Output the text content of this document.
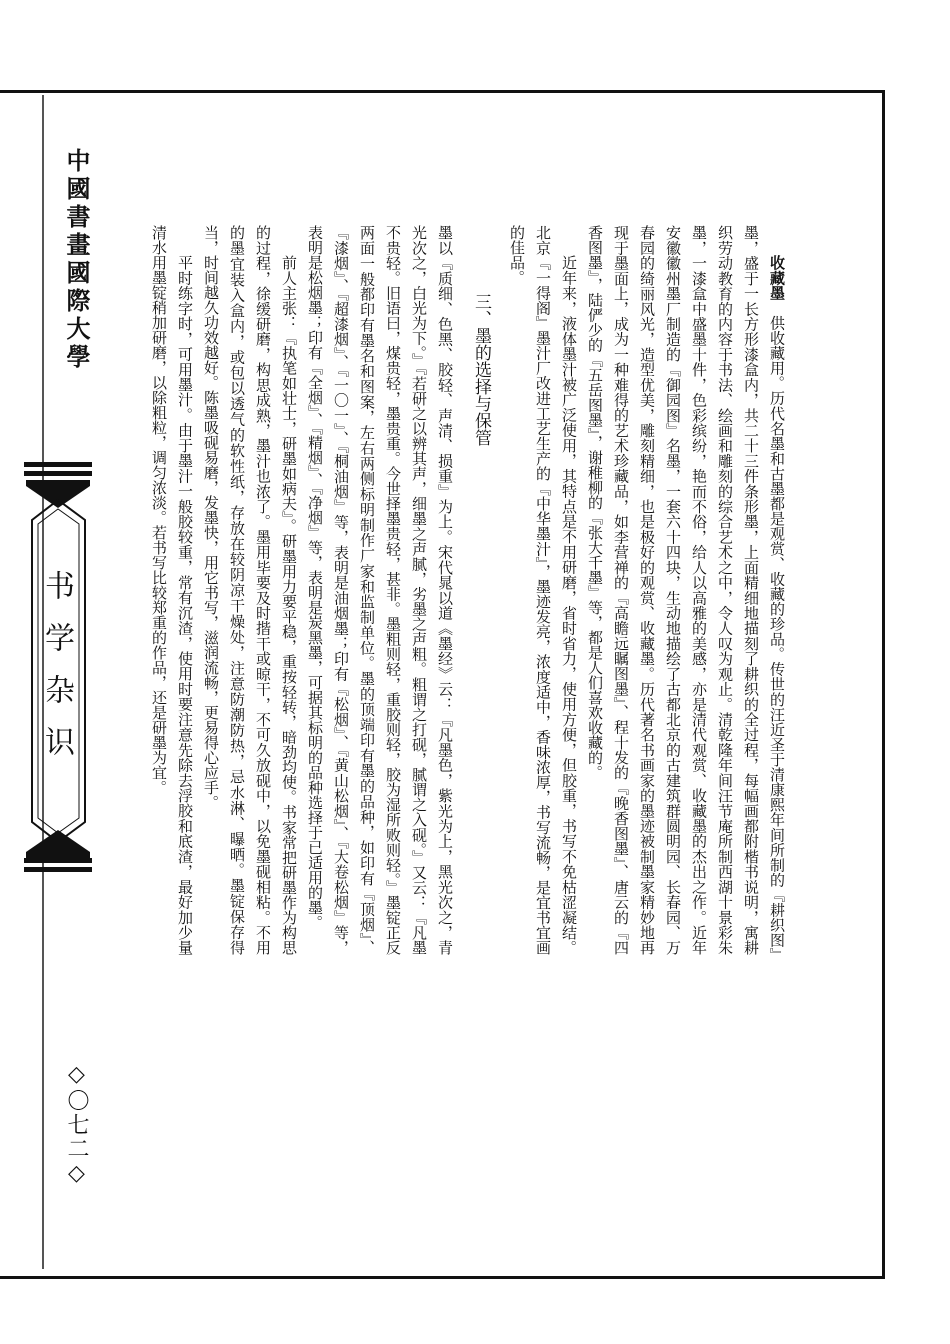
中國書畫國際大學
书学杂识
◇〇七二◇

收藏墨　供收藏用。历代名墨和古墨都是观赏、收藏的珍品。传世的汪近圣于清康熙年间所制的『耕织图』墨，盛于一长方形漆盒内，共二十三件条形墨，上面精细地描刻了耕织的全过程，每幅画都附楷书说明，寓耕织劳动教育的内容于书法、绘画和雕刻的综合艺术之中，令人叹为观止。清乾隆年间汪节庵所制西湖十景彩朱墨，一漆盒中盛墨十件，色彩缤纷，艳而不俗，给人以高雅的美感，亦是清代观赏、收藏墨的杰出之作。近年安徽徽州墨厂制造的『御园图』名墨，一套六十四块，生动地描绘了古都北京的古建筑群圆明园、长春园、万春园的绮丽风光，造型优美，雕刻精细，也是极好的观赏、收藏墨。历代著名书画家的墨迹被制墨家精妙地再现于墨面上，成为一种难得的艺术珍藏品，如李营禅的『高瞻远瞩图墨』、程十发的『晚香图墨』、唐云的『四香图墨』，陆俨少的『五岳图墨』，谢稚柳的『张大千墨』等，都是人们喜欢收藏的。

近年来，液体墨汁被广泛使用，其特点是不用研磨，省时省力，使用方便，但胶重，书写不免枯涩凝结。北京『一得阁』墨汁厂改进工艺生产的『中华墨汁』，墨迹发亮，浓度适中，香味浓厚，书写流畅，是宜书宜画的佳品。

三、墨的选择与保管

墨以『质细、色黑、胶轻、声清、损重』为上。宋代晁以道《墨经》云：『凡墨色，紫光为上，黑光次之，青光次之，白光为下。』『若研之以辨其声，细墨之声腻，劣墨之声粗。粗谓之打砚，腻谓之入砚。』又云：『凡墨不贵轻。旧语曰，煤贵轻，墨贵重。今世择墨贵轻，甚非。墨粗则轻，重胶则轻，胶为湿所败则轻。』墨锭正反两面一般都印有墨名和图案，左右两侧标明制作厂家和监制单位。墨的顶端印有墨的品种，如印有『顶烟』、『漆烟』、『超漆烟』、『一〇一』、『桐油烟』等，表明是油烟墨；印有『松烟』、『黄山松烟』、『大卷松烟』等，表明是松烟墨；印有『全烟』、『精烟』、『净烟』等，表明是炭黑墨，可据其标明的品种选择于已适用的墨。

前人主张：『执笔如壮士，研墨如病夫』。研墨用力要平稳，重按轻转，暗劲均使。书家常把研墨作为构思的过程，徐缓研磨，构思成熟，墨汁也浓了。墨用毕要及时揩干或晾干，不可久放砚中，以免墨砚相粘。不用的墨宜装入盒内，或包以透气的软性纸，存放在较阴凉干燥处，注意防潮防热，忌水淋、曝晒。墨锭保存得当，时间越久功效越好。陈墨吸砚易磨，发墨快，用它书写，滋润流畅，更易得心应手。

平时练字时，可用墨汁。由于墨汁一般胶较重，常有沉渣，使用时要注意先除去浮胶和底渣，最好加少量清水用墨锭稍加研磨，以除粗粒，调匀浓淡。若书写比较郑重的作品，还是研墨为宜。
